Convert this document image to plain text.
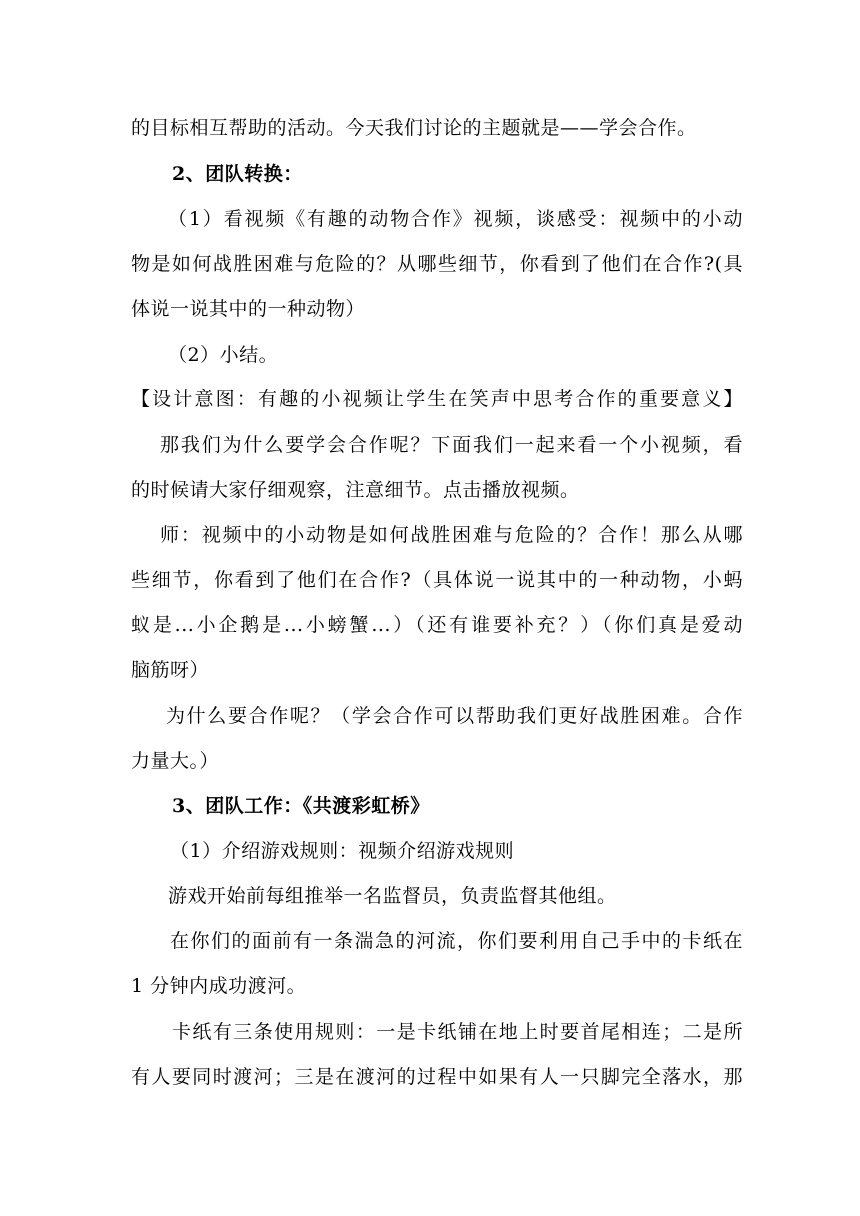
的目标相互帮助的活动。今天我们讨论的主题就是——学会合作。
2、团队转换：
（1）看视频《有趣的动物合作》视频，谈感受：视频中的小动
物是如何战胜困难与危险的？从哪些细节，你看到了他们在合作?(具
体说一说其中的一种动物）
（2）小结。
【设计意图：有趣的小视频让学生在笑声中思考合作的重要意义】
那我们为什么要学会合作呢？下面我们一起来看一个小视频，看
的时候请大家仔细观察，注意细节。点击播放视频。
师：视频中的小动物是如何战胜困难与危险的？合作！那么从哪
些细节，你看到了他们在合作?（具体说一说其中的一种动物，小蚂
蚁是...小企鹅是...小螃蟹...）（还有谁要补充？）（你们真是爱动
脑筋呀）
为什么要合作呢？（学会合作可以帮助我们更好战胜困难。合作
力量大。）
3、团队工作：《共渡彩虹桥》
（1）介绍游戏规则：视频介绍游戏规则
游戏开始前每组推举一名监督员，负责监督其他组。
在你们的面前有一条湍急的河流，你们要利用自己手中的卡纸在
1 分钟内成功渡河。
卡纸有三条使用规则：一是卡纸铺在地上时要首尾相连；二是所
有人要同时渡河；三是在渡河的过程中如果有人一只脚完全落水，那
